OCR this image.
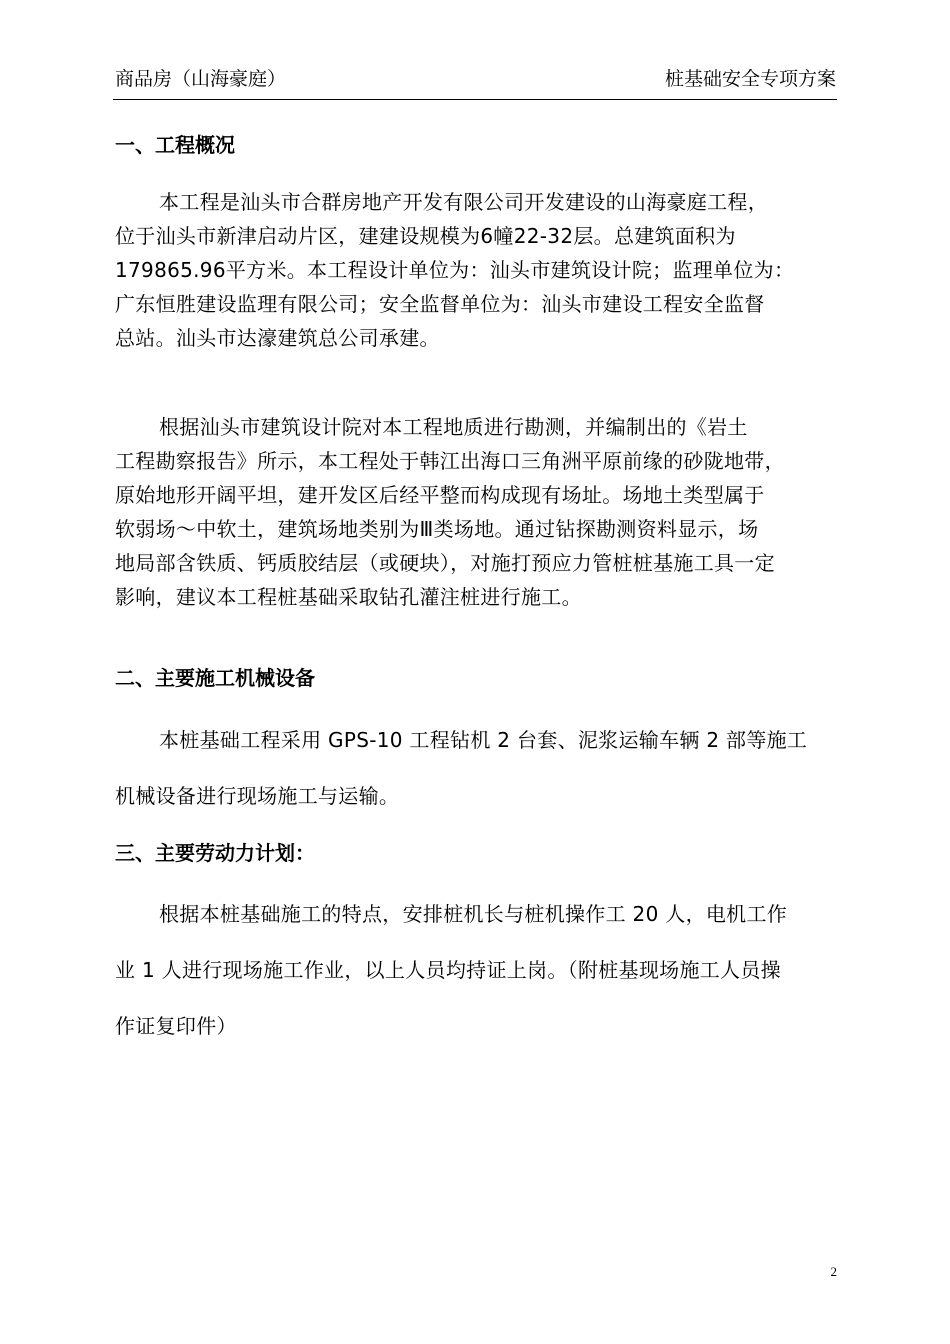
商品房（山海豪庭）	桩基础安全专项方案
一、工程概况
本工程是汕头市合群房地产开发有限公司开发建设的山海豪庭工程，
位于汕头市新津启动片区，建建设规模为6幢22-32层。总建筑面积为
179865.96平方米。本工程设计单位为：汕头市建筑设计院；监理单位为：
广东恒胜建设监理有限公司；安全监督单位为：汕头市建设工程安全监督
总站。汕头市达濠建筑总公司承建。
根据汕头市建筑设计院对本工程地质进行勘测，并编制出的《岩土
工程勘察报告》所示，本工程处于韩江出海口三角洲平原前缘的砂陇地带，
原始地形开阔平坦，建开发区后经平整而构成现有场址。场地土类型属于
软弱场～中软土，建筑场地类别为Ⅲ类场地。通过钻探勘测资料显示，场
地局部含铁质、钙质胶结层（或硬块），对施打预应力管桩桩基施工具一定
影响，建议本工程桩基础采取钻孔灌注桩进行施工。
二、主要施工机械设备
本桩基础工程采用 GPS-10 工程钻机 2 台套、泥浆运输车辆 2 部等施工
机械设备进行现场施工与运输。
三、主要劳动力计划：
根据本桩基础施工的特点，安排桩机长与桩机操作工 20 人，电机工作
业 1 人进行现场施工作业，以上人员均持证上岗。（附桩基现场施工人员操
作证复印件）
2
